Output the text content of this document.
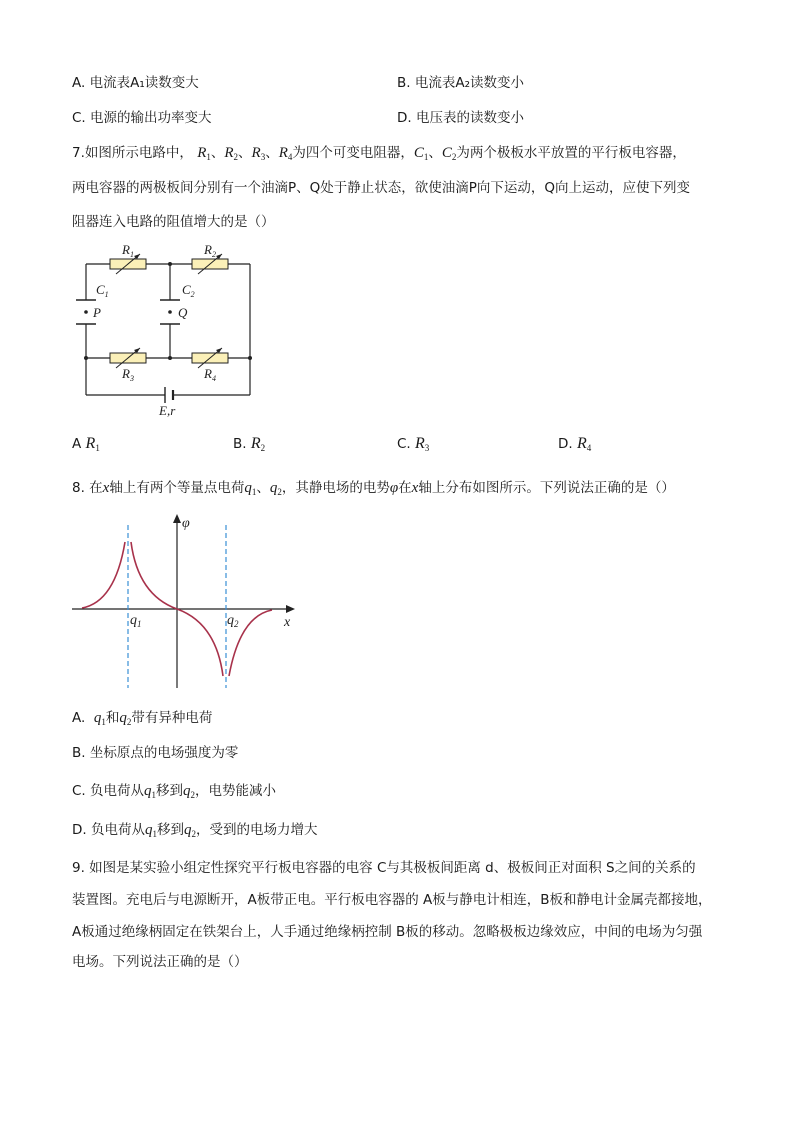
A. 电流表A₁读数变大	B. 电流表A₂读数变小
C. 电源的输出功率变大	D. 电压表的读数变小
7.如图所示电路中， $R_1$、$R_2$、$R_3$、$R_4$为四个可变电阻器，$C_1$、$C_2$为两个极板水平放置的平行板电容器，
两电容器的两极板间分别有一个油滴P、Q处于静止状态，欲使油滴P向下运动，Q向上运动，应使下列变
阻器连入电路的阻值增大的是（）
$R_1$	$R_2$
$R_3$	$R_4$
$C_1$	$C_2$
P	Q
E,r
A $R_1$	B. $R_2$	C. $R_3$	D. $R_4$
8. 在x轴上有两个等量点电荷$q_1$、$q_2$，其静电场的电势φ在x轴上分布如图所示。下列说法正确的是（）
φ
x
$q_1$	$q_2$
A.  $q_1$和$q_2$带有异种电荷
B. 坐标原点的电场强度为零
C. 负电荷从$q_1$移到$q_2$，电势能减小
D. 负电荷从$q_1$移到$q_2$，受到的电场力增大
9. 如图是某实验小组定性探究平行板电容器的电容 C与其极板间距离 d、极板间正对面积 S之间的关系的
装置图。充电后与电源断开，A板带正电。平行板电容器的 A板与静电计相连，B板和静电计金属壳都接地，
A板通过绝缘柄固定在铁架台上，人手通过绝缘柄控制 B板的移动。忽略极板边缘效应，中间的电场为匀强
电场。下列说法正确的是（）
